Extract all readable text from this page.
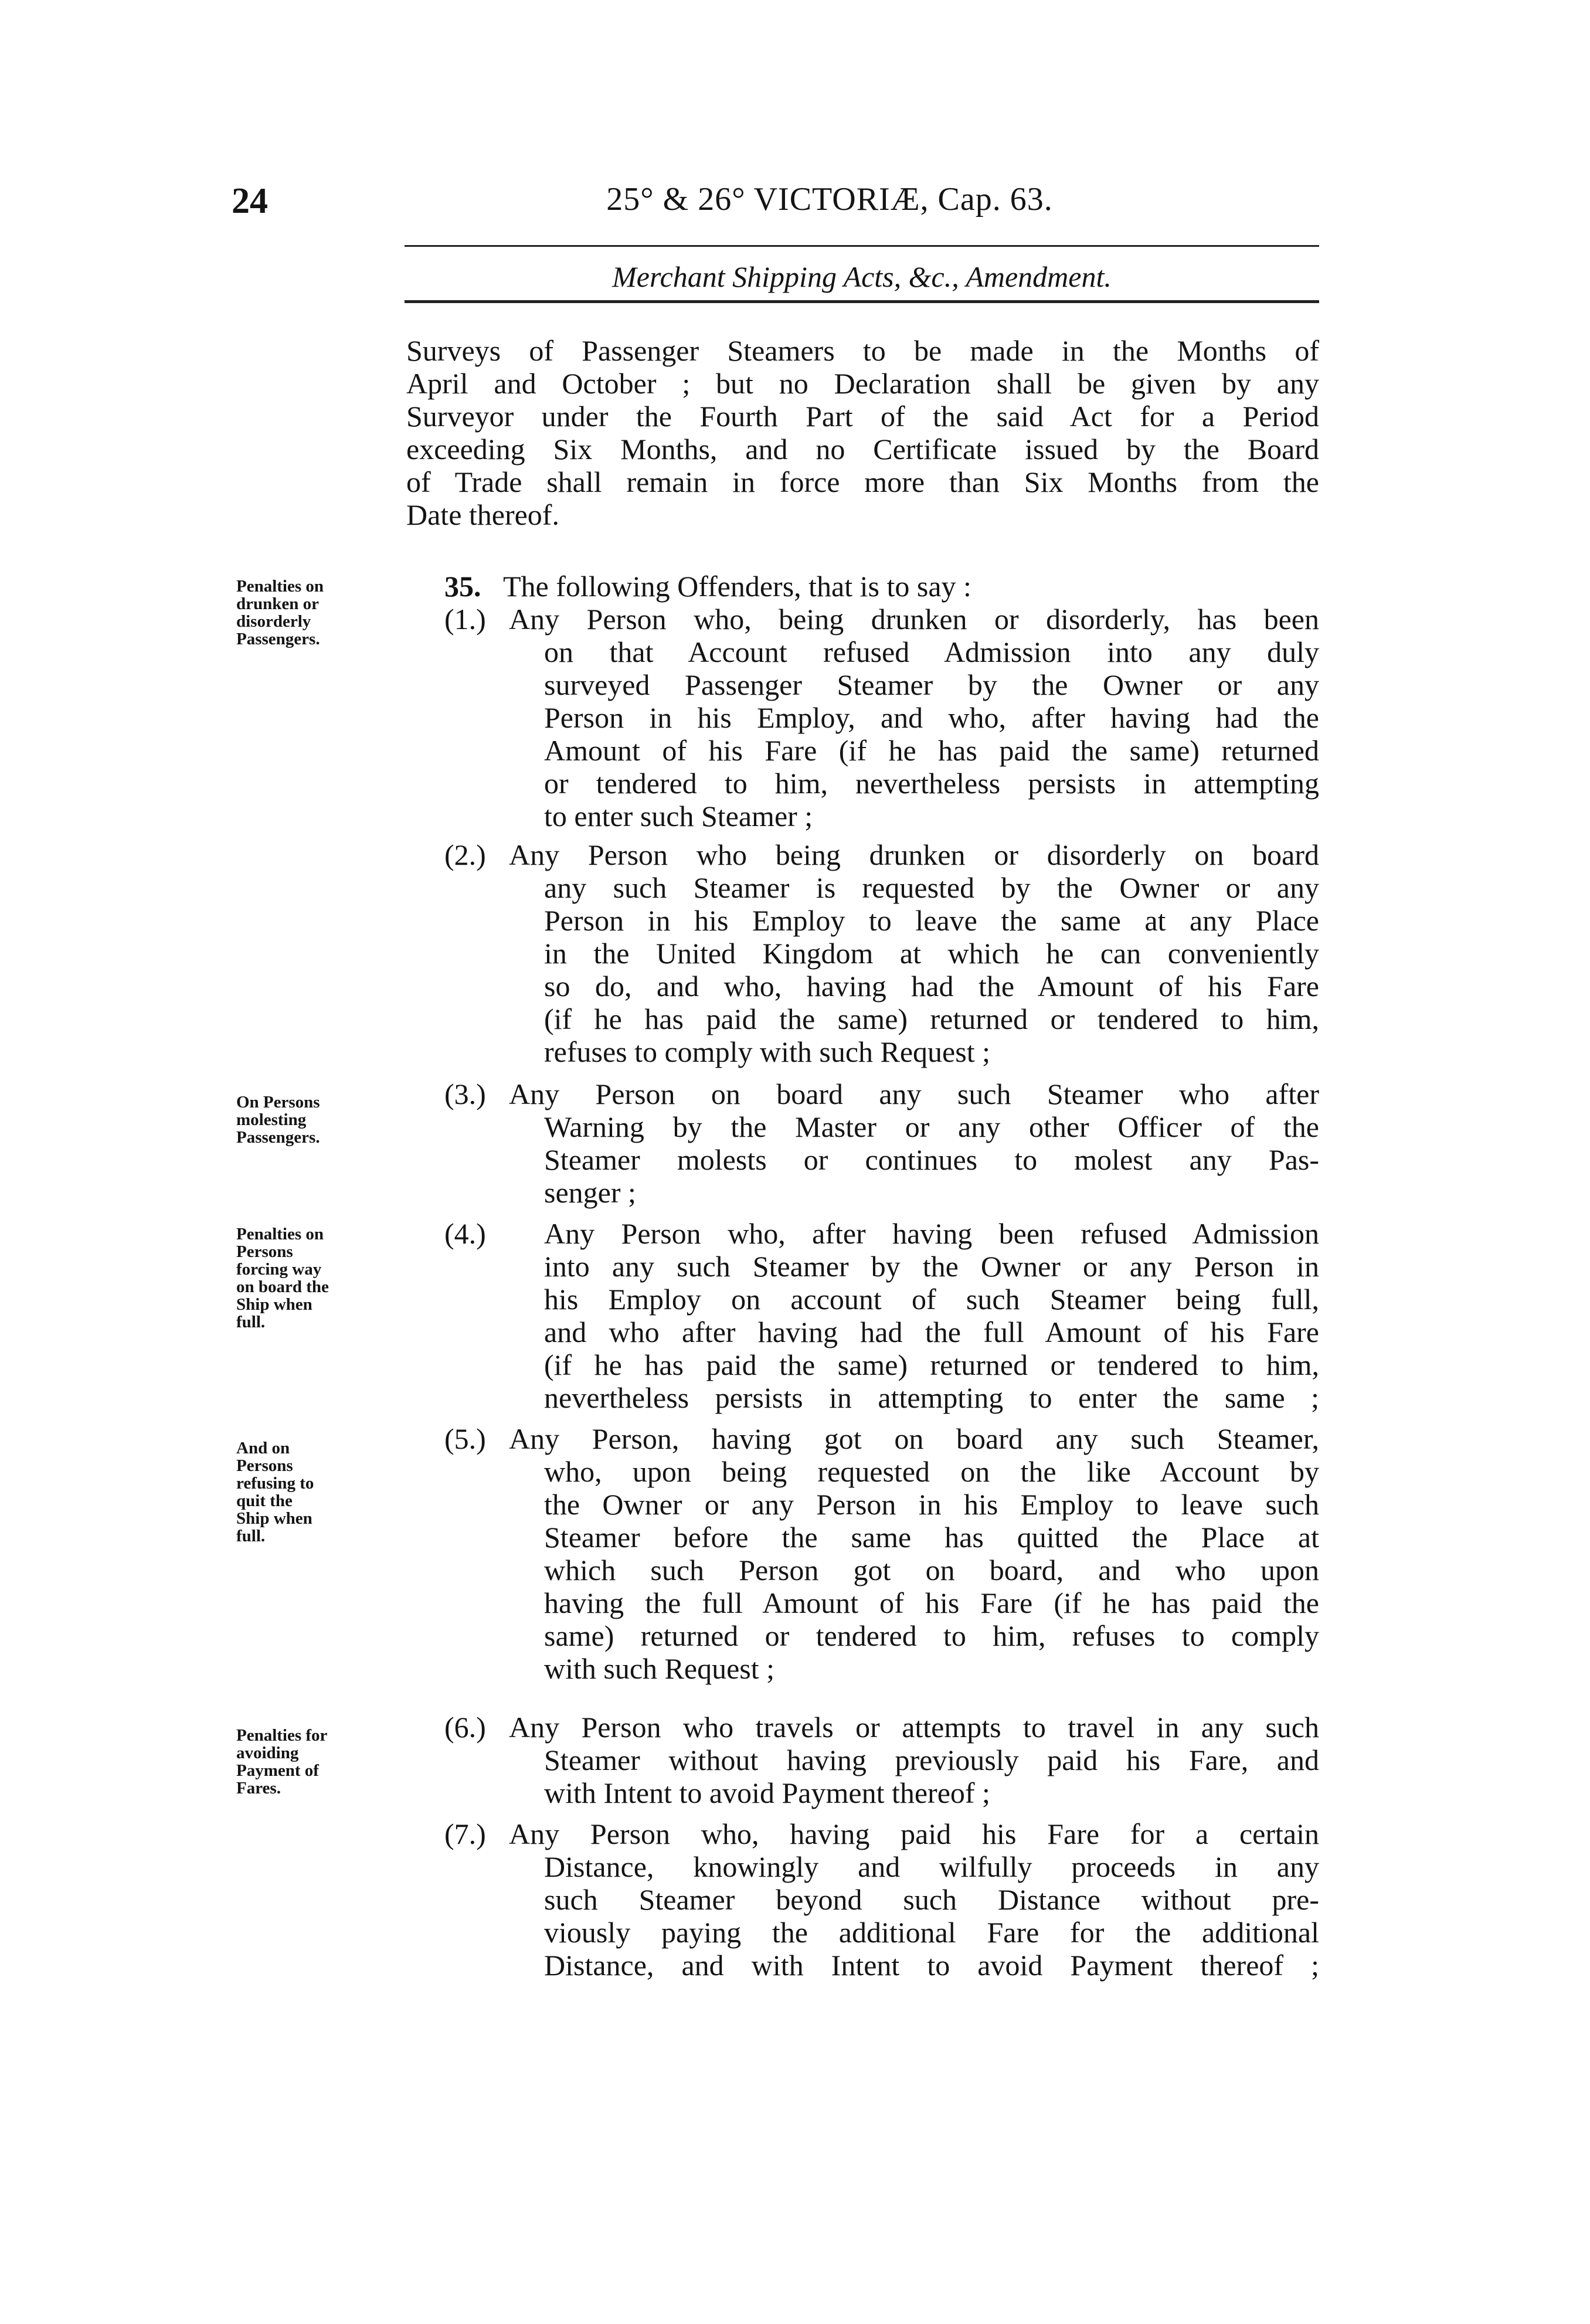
24	25° & 26° VICTORIÆ, Cap. 63.
Merchant Shipping Acts, &c., Amendment.
Surveys of Passenger Steamers to be made in the Months of
April and October ; but no Declaration shall be given by any
Surveyor under the Fourth Part of the said Act for a Period
exceeding Six Months, and no Certificate issued by the Board
of Trade shall remain in force more than Six Months from the
Date thereof.
35. The following Offenders, that is to say :
Penalties on
drunken or
disorderly
Passengers.
On Persons
molesting
Passengers.
Penalties on
Persons
forcing way
on board the
Ship when
full.
And on
Persons
refusing to
quit the
Ship when
full.
Penalties for
avoiding
Payment of
Fares.
(1.) Any Person who, being drunken or disorderly, has been
on that Account refused Admission into any duly
surveyed Passenger Steamer by the Owner or any
Person in his Employ, and who, after having had the
Amount of his Fare (if he has paid the same) returned
or tendered to him, nevertheless persists in attempting
to enter such Steamer ;
(2.) Any Person who being drunken or disorderly on board
any such Steamer is requested by the Owner or any
Person in his Employ to leave the same at any Place
in the United Kingdom at which he can conveniently
so do, and who, having had the Amount of his Fare
(if he has paid the same) returned or tendered to him,
refuses to comply with such Request ;
(3.) Any Person on board any such Steamer who after
Warning by the Master or any other Officer of the
Steamer molests or continues to molest any Pas-
senger ;
(4.) Any Person who, after having been refused Admission
into any such Steamer by the Owner or any Person in
his Employ on account of such Steamer being full,
and who after having had the full Amount of his Fare
(if he has paid the same) returned or tendered to him,
nevertheless persists in attempting to enter the same ;
(5.) Any Person, having got on board any such Steamer,
who, upon being requested on the like Account by
the Owner or any Person in his Employ to leave such
Steamer before the same has quitted the Place at
which such Person got on board, and who upon
having the full Amount of his Fare (if he has paid the
same) returned or tendered to him, refuses to comply
with such Request ;
(6.) Any Person who travels or attempts to travel in any such
Steamer without having previously paid his Fare, and
with Intent to avoid Payment thereof ;
(7.) Any Person who, having paid his Fare for a certain
Distance, knowingly and wilfully proceeds in any
such Steamer beyond such Distance without pre-
viously paying the additional Fare for the additional
Distance, and with Intent to avoid Payment thereof ;
